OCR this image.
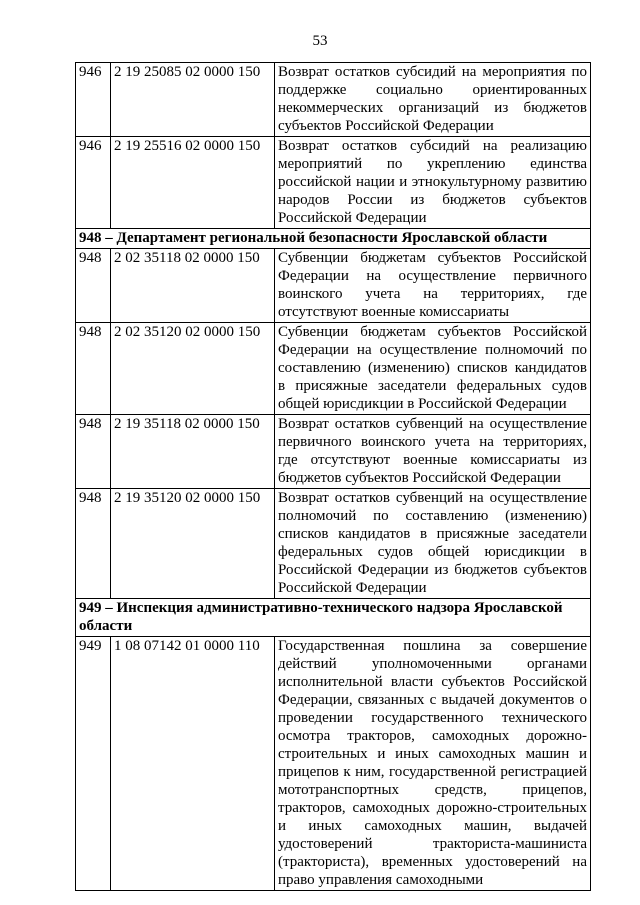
53
946	2 19 25085 02 0000 150	Возврат остатков субсидий на мероприятия по поддержке социально ориентированных некоммерческих организаций из бюджетов субъектов Российской Федерации
946	2 19 25516 02 0000 150	Возврат остатков субсидий на реализацию мероприятий по укреплению единства российской нации и этнокультурному развитию народов России из бюджетов субъектов Российской Федерации
948 – Департамент региональной безопасности Ярославской области		
948	2 02 35118 02 0000 150	Субвенции бюджетам субъектов Российской Федерации на осуществление первичного воинского учета на территориях, где отсутствуют военные комиссариаты
948	2 02 35120 02 0000 150	Субвенции бюджетам субъектов Российской Федерации на осуществление полномочий по составлению (изменению) списков кандидатов в присяжные заседатели федеральных судов общей юрисдикции в Российской Федерации
948	2 19 35118 02 0000 150	Возврат остатков субвенций на осуществление первичного воинского учета на территориях, где отсутствуют военные комиссариаты из бюджетов субъектов Российской Федерации
948	2 19 35120 02 0000 150	Возврат остатков субвенций на осуществление полномочий по составлению (изменению) списков кандидатов в присяжные заседатели федеральных судов общей юрисдикции в Российской Федерации из бюджетов субъектов Российской Федерации
949 – Инспекция административно-технического надзора Ярославской области		
949	1 08 07142 01 0000 110	Государственная пошлина за совершение действий уполномоченными органами исполнительной власти субъектов Российской Федерации, связанных с выдачей документов о проведении государственного технического осмотра тракторов, самоходных дорожно-строительных и иных самоходных машин и прицепов к ним, государственной регистрацией мототранспортных средств, прицепов, тракторов, самоходных дорожно-строительных и иных самоходных машин, выдачей удостоверений тракториста-машиниста (тракториста), временных удостоверений на право управления самоходными
